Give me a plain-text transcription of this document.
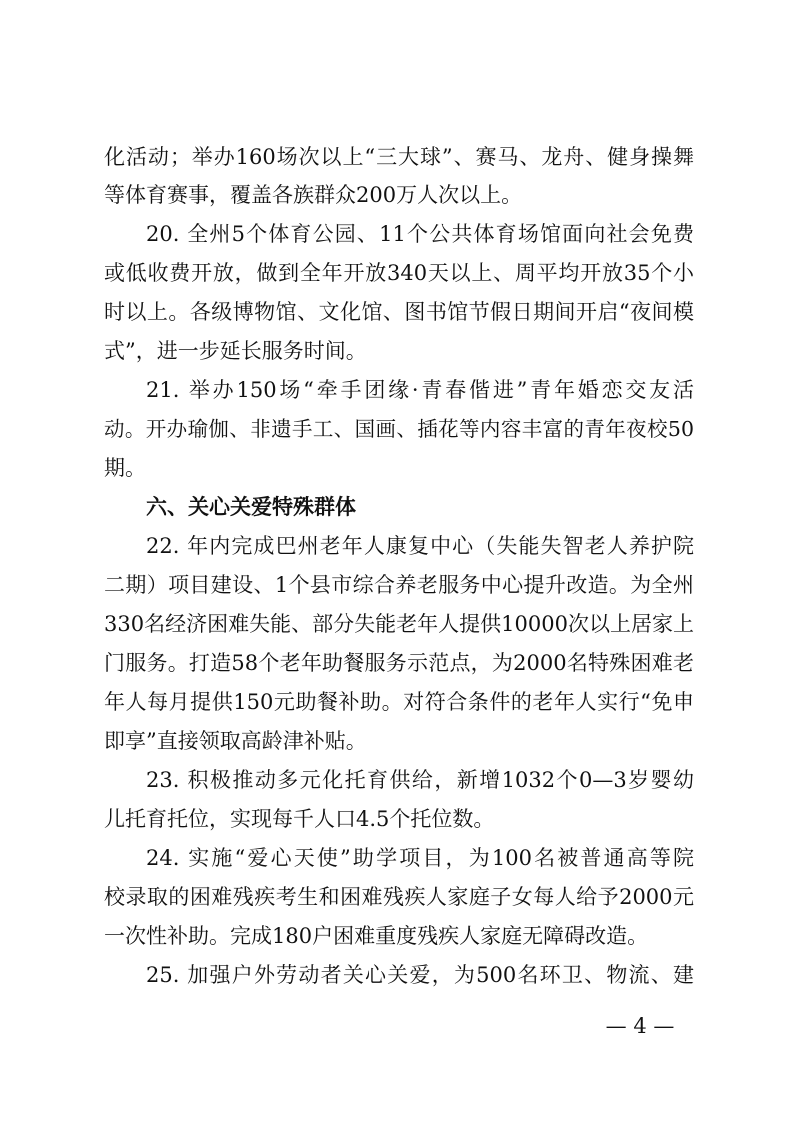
化活动；举办160场次以上“三大球”、赛马、龙舟、健身操舞
等体育赛事，覆盖各族群众200万人次以上。
20. 全州5个体育公园、11个公共体育场馆面向社会免费
或低收费开放，做到全年开放340天以上、周平均开放35个小
时以上。各级博物馆、文化馆、图书馆节假日期间开启“夜间模
式”，进一步延长服务时间。
21. 举办150场“牵手团缘·青春偕进”青年婚恋交友活
动。开办瑜伽、非遗手工、国画、插花等内容丰富的青年夜校50
期。
六、关心关爱特殊群体
22. 年内完成巴州老年人康复中心（失能失智老人养护院
二期）项目建设、1个县市综合养老服务中心提升改造。为全州
330名经济困难失能、部分失能老年人提供10000次以上居家上
门服务。打造58个老年助餐服务示范点，为2000名特殊困难老
年人每月提供150元助餐补助。对符合条件的老年人实行“免申
即享”直接领取高龄津补贴。
23. 积极推动多元化托育供给，新增1032个0—3岁婴幼
儿托育托位，实现每千人口4.5个托位数。
24. 实施“爱心天使”助学项目，为100名被普通高等院
校录取的困难残疾考生和困难残疾人家庭子女每人给予2000元
一次性补助。完成180户困难重度残疾人家庭无障碍改造。
25. 加强户外劳动者关心关爱，为500名环卫、物流、建
— 4 —
